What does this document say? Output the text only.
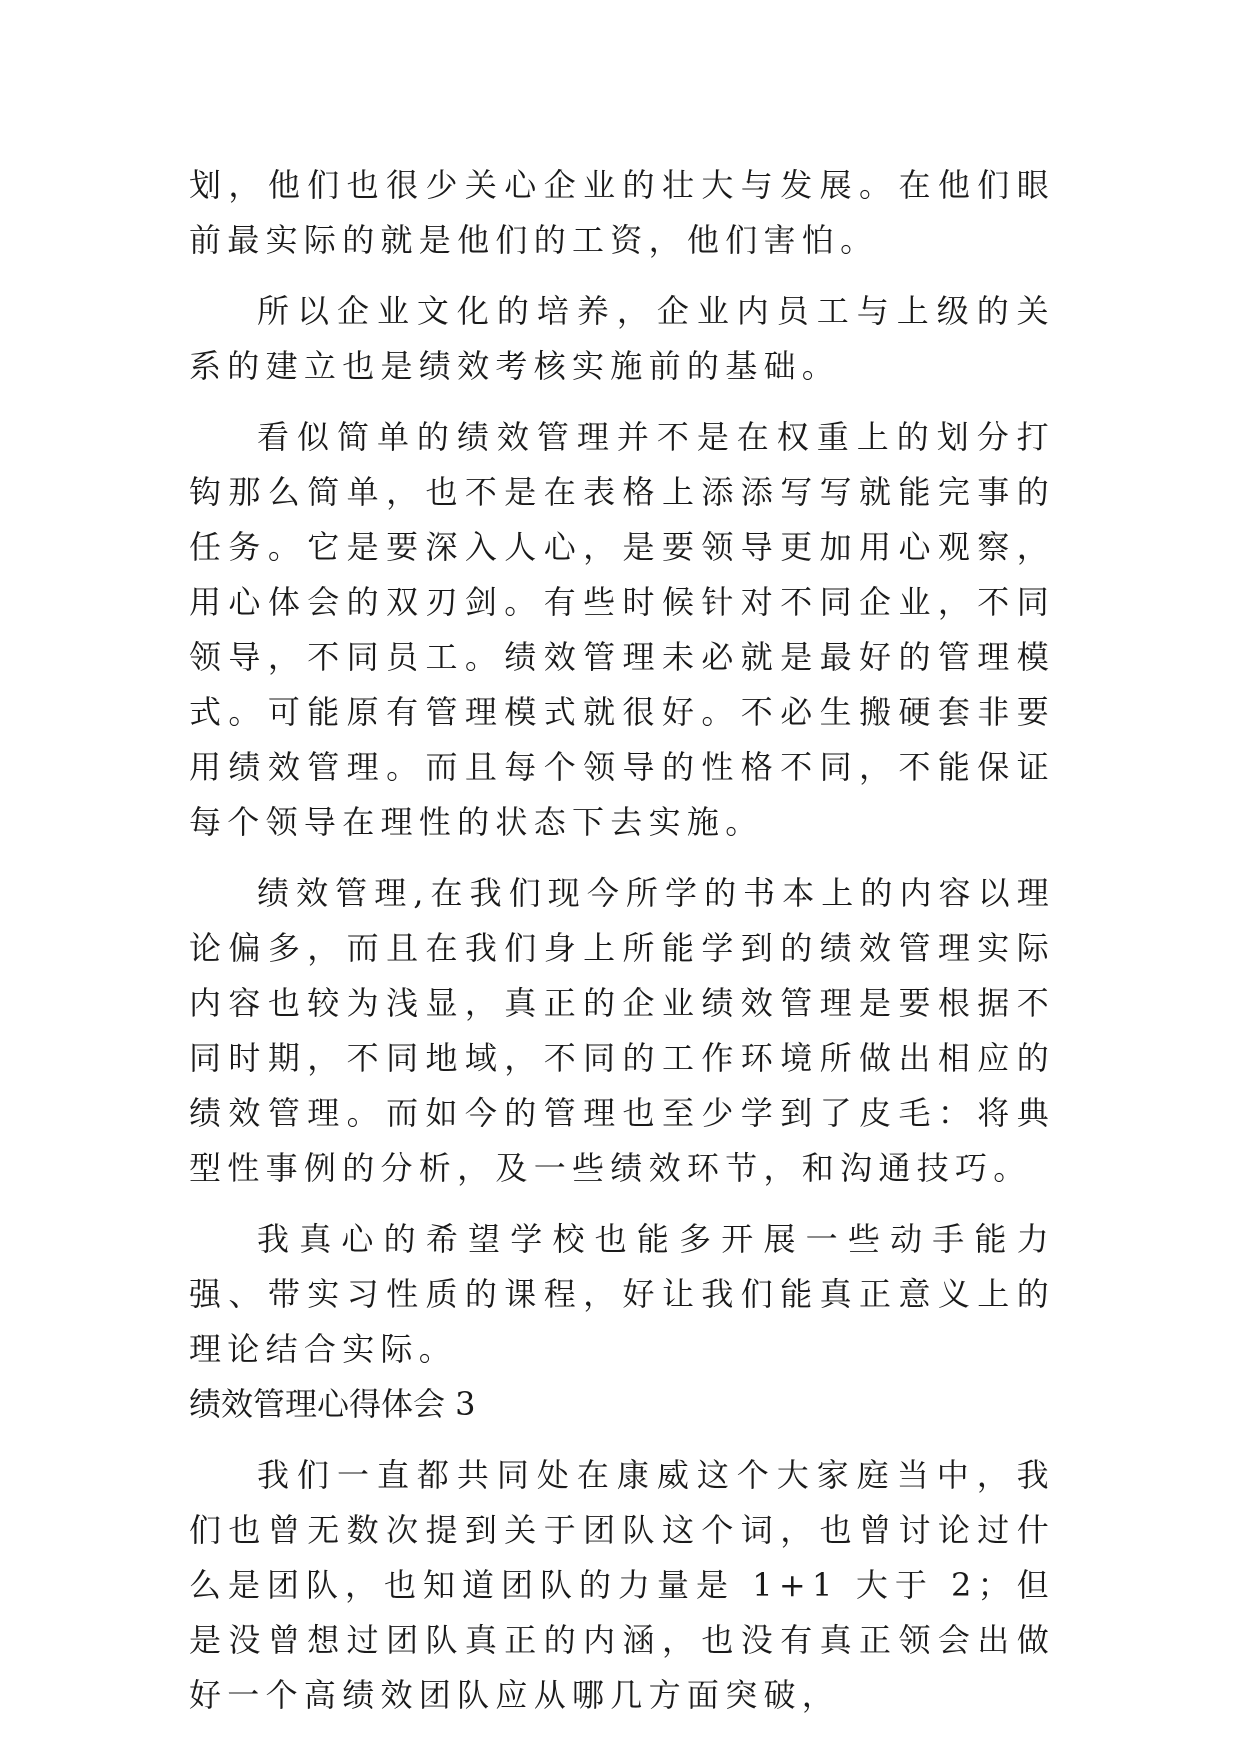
划，他们也很少关心企业的壮大与发展。在他们眼前最实际的就是他们的工资，他们害怕。

所以企业文化的培养，企业内员工与上级的关系的建立也是绩效考核实施前的基础。

看似简单的绩效管理并不是在权重上的划分打钩那么简单，也不是在表格上添添写写就能完事的任务。它是要深入人心，是要领导更加用心观察，用心体会的双刃剑。有些时候针对不同企业，不同领导，不同员工。绩效管理未必就是最好的管理模式。可能原有管理模式就很好。不必生搬硬套非要用绩效管理。而且每个领导的性格不同，不能保证每个领导在理性的状态下去实施。

绩效管理,在我们现今所学的书本上的内容以理论偏多，而且在我们身上所能学到的绩效管理实际内容也较为浅显，真正的企业绩效管理是要根据不同时期，不同地域，不同的工作环境所做出相应的绩效管理。而如今的管理也至少学到了皮毛：将典型性事例的分析，及一些绩效环节，和沟通技巧。

我真心的希望学校也能多开展一些动手能力强、带实习性质的课程，好让我们能真正意义上的理论结合实际。

绩效管理心得体会 3

我们一直都共同处在康威这个大家庭当中，我们也曾无数次提到关于团队这个词，也曾讨论过什么是团队，也知道团队的力量是 1+1 大于 2；但是没曾想过团队真正的内涵，也没有真正领会出做好一个高绩效团队应从哪几方面突破，
